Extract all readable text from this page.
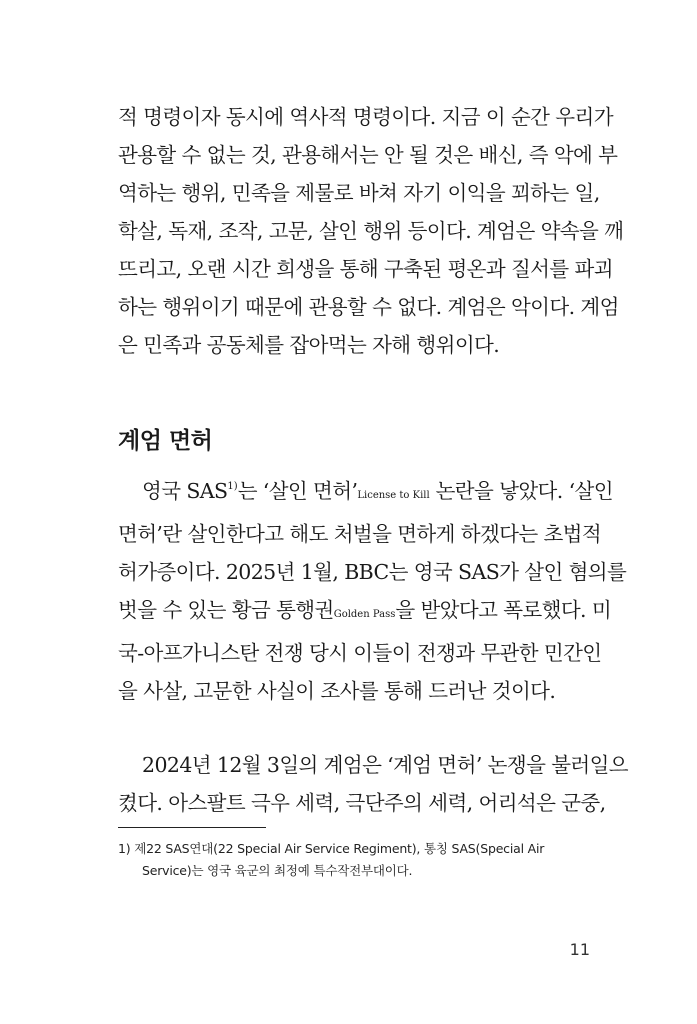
적 명령이자 동시에 역사적 명령이다. 지금 이 순간 우리가
관용할 수 없는 것, 관용해서는 안 될 것은 배신, 즉 악에 부
역하는 행위, 민족을 제물로 바쳐 자기 이익을 꾀하는 일,
학살, 독재, 조작, 고문, 살인 행위 등이다. 계엄은 약속을 깨
뜨리고, 오랜 시간 희생을 통해 구축된 평온과 질서를 파괴
하는 행위이기 때문에 관용할 수 없다. 계엄은 악이다. 계엄
은 민족과 공동체를 잡아먹는 자해 행위이다.
계엄 면허
영국 SAS$^{1)}$는 ‘살인 면허’License to Kill 논란을 낳았다. ‘살인
면허’란 살인한다고 해도 처벌을 면하게 하겠다는 초법적
허가증이다. 2025년 1월, BBC는 영국 SAS가 살인 혐의를
벗을 수 있는 황금 통행권Golden Pass을 받았다고 폭로했다. 미
국-아프가니스탄 전쟁 당시 이들이 전쟁과 무관한 민간인
을 사살, 고문한 사실이 조사를 통해 드러난 것이다.
2024년 12월 3일의 계엄은 ‘계엄 면허’ 논쟁을 불러일으
켰다. 아스팔트 극우 세력, 극단주의 세력, 어리석은 군중,
1) 제22 SAS연대(22 Special Air Service Regiment), 통칭 SAS(Special Air
Service)는 영국 육군의 최정예 특수작전부대이다.
11
